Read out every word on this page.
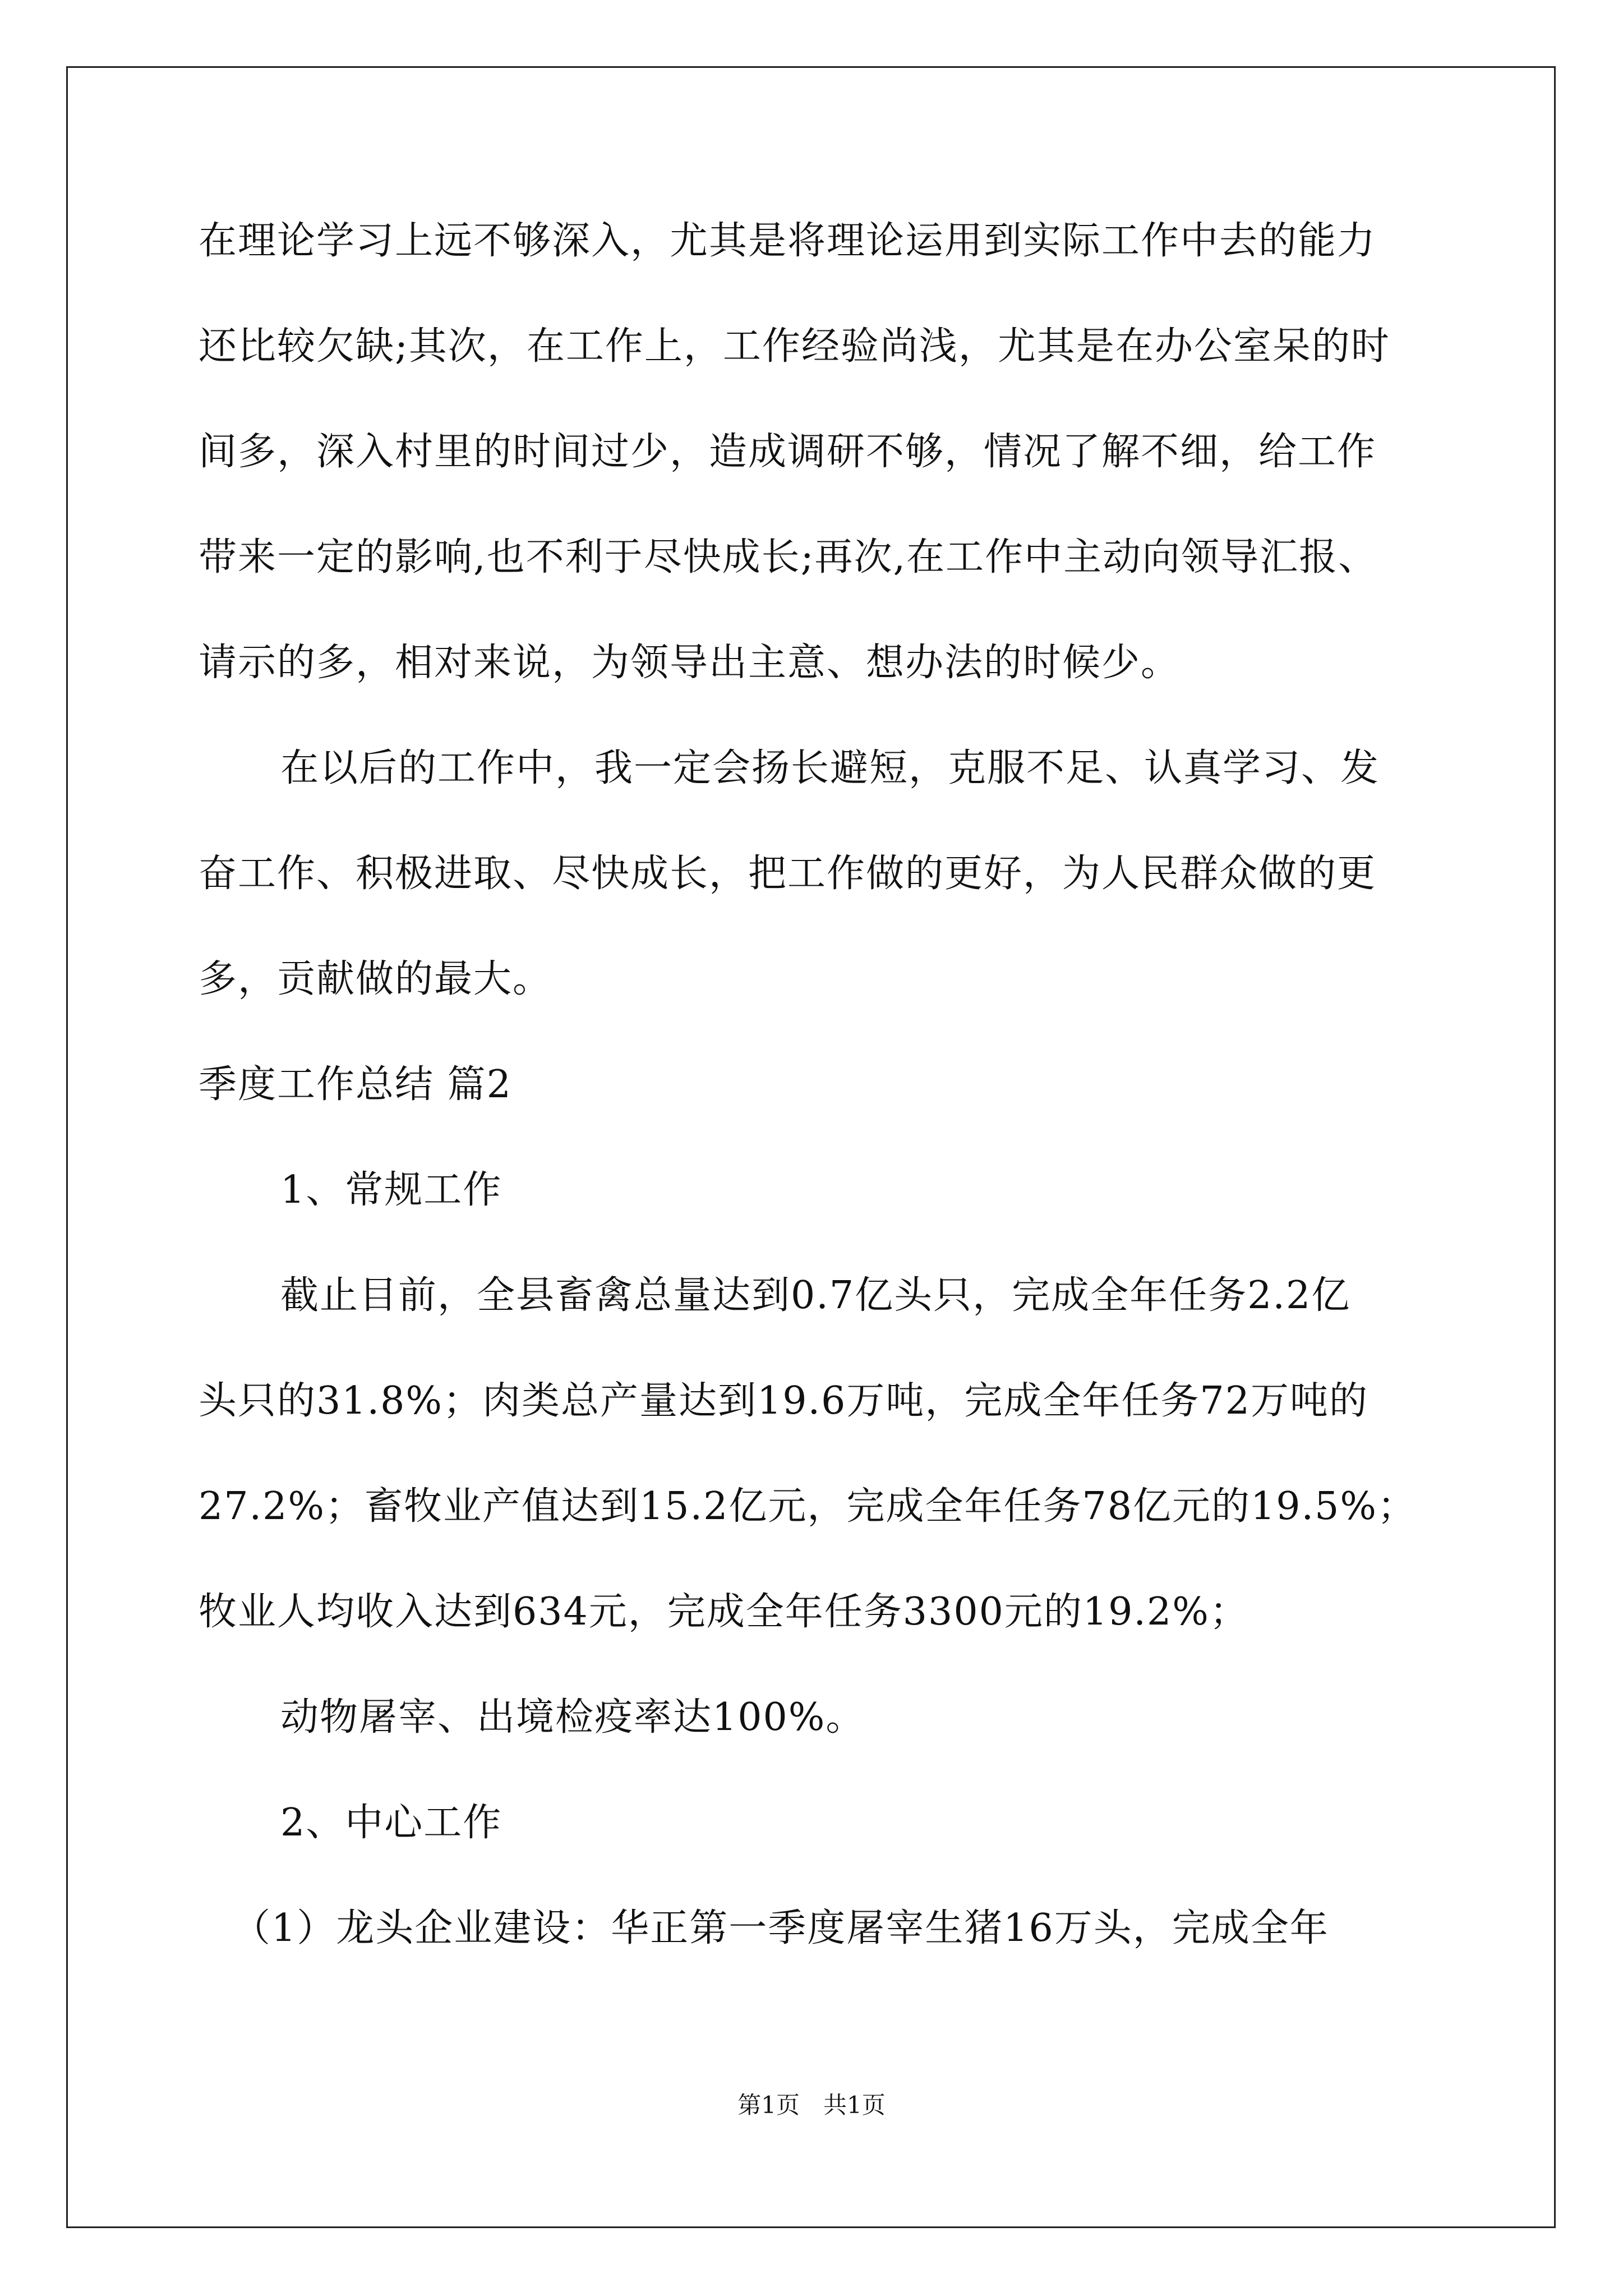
在理论学习上远不够深入，尤其是将理论运用到实际工作中去的能力
还比较欠缺;其次，在工作上，工作经验尚浅，尤其是在办公室呆的时
间多，深入村里的时间过少，造成调研不够，情况了解不细，给工作
带来一定的影响,也不利于尽快成长;再次,在工作中主动向领导汇报、
请示的多，相对来说，为领导出主意、想办法的时候少。
在以后的工作中，我一定会扬长避短，克服不足、认真学习、发
奋工作、积极进取、尽快成长，把工作做的更好，为人民群众做的更
多，贡献做的最大。
季度工作总结 篇2
1、常规工作
截止目前，全县畜禽总量达到0.7亿头只，完成全年任务2.2亿
头只的31.8%；肉类总产量达到19.6万吨，完成全年任务72万吨的
27.2%；畜牧业产值达到15.2亿元，完成全年任务78亿元的19.5%；
牧业人均收入达到634元，完成全年任务3300元的19.2%；
动物屠宰、出境检疫率达100%。
2、中心工作
（1）龙头企业建设：华正第一季度屠宰生猪16万头，完成全年
第1页　共1页
